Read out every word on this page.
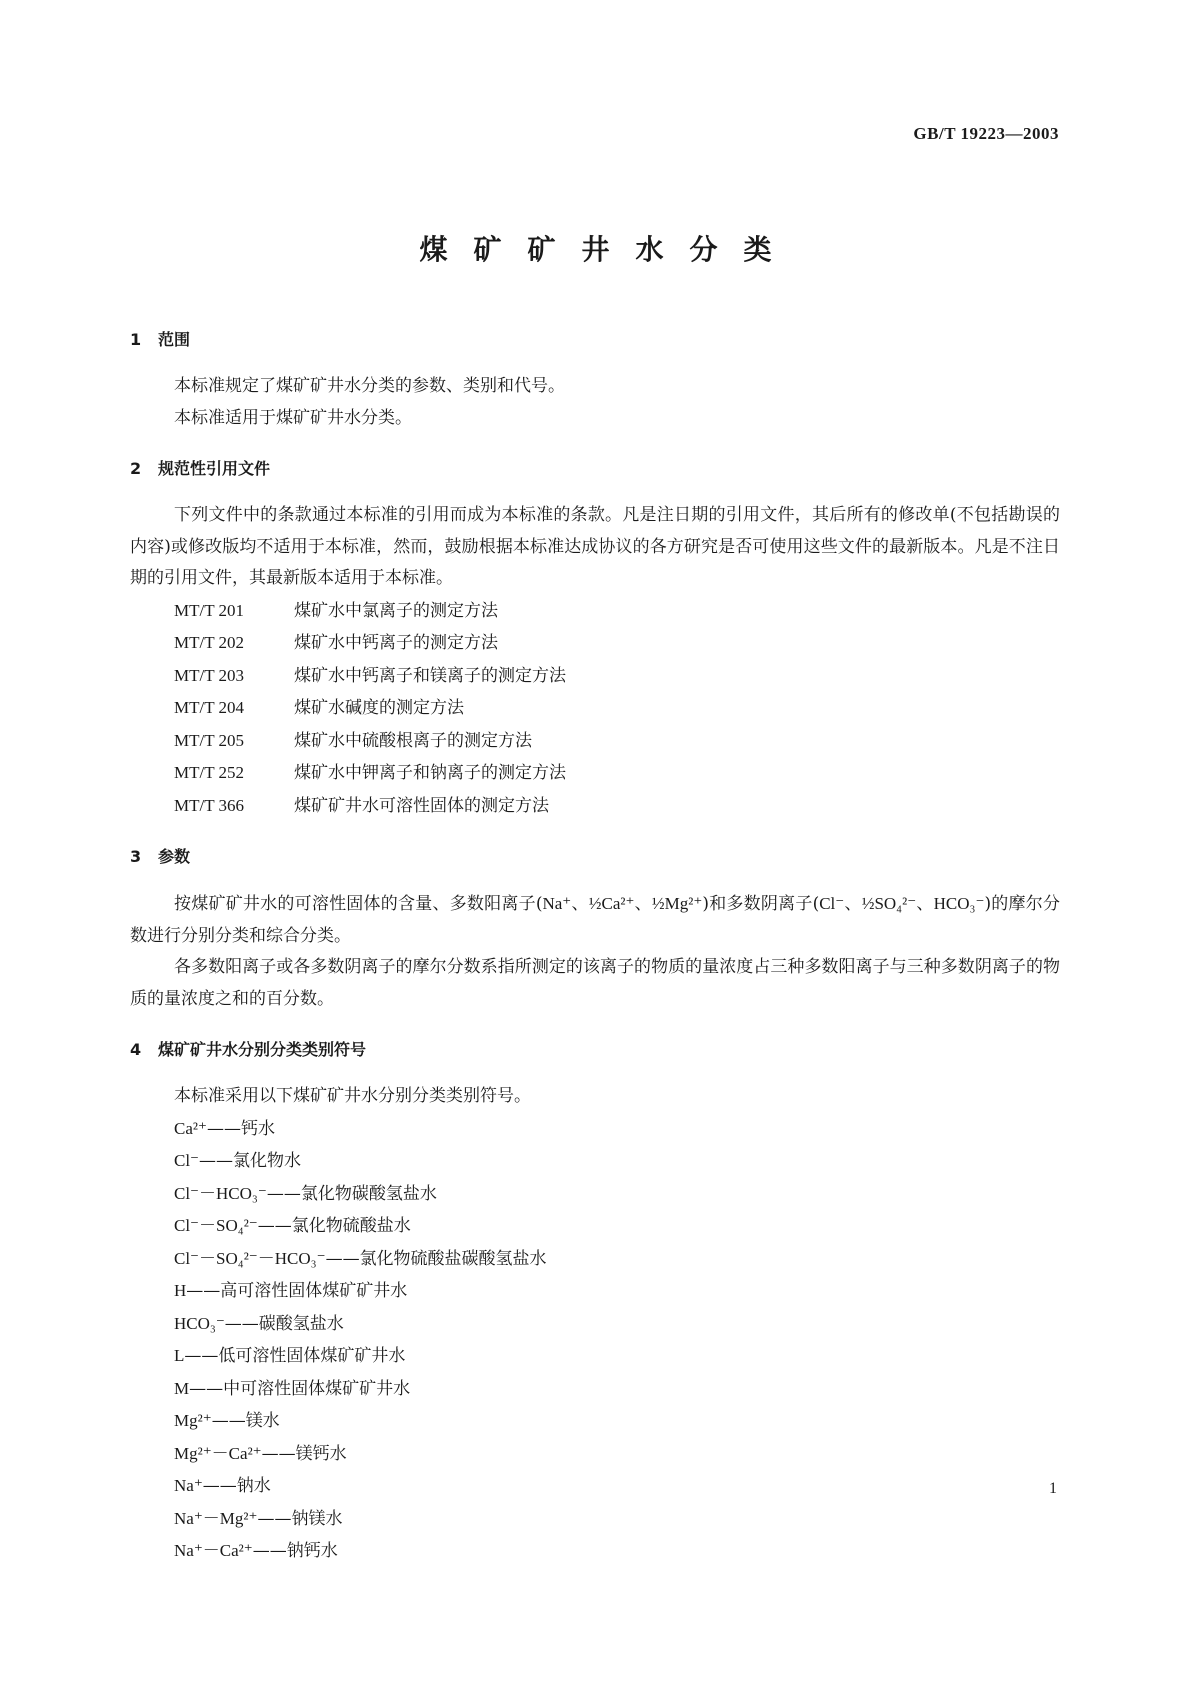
GB/T 19223—2003
煤矿矿井水分类
1 范围

本标准规定了煤矿矿井水分类的参数、类别和代号。

本标准适用于煤矿矿井水分类。

2 规范性引用文件

下列文件中的条款通过本标准的引用而成为本标准的条款。凡是注日期的引用文件，其后所有的修改单(不包括勘误的内容)或修改版均不适用于本标准，然而，鼓励根据本标准达成协议的各方研究是否可使用这些文件的最新版本。凡是不注日期的引用文件，其最新版本适用于本标准。

MT/T 201	煤矿水中氯离子的测定方法

MT/T 202	煤矿水中钙离子的测定方法

MT/T 203	煤矿水中钙离子和镁离子的测定方法

MT/T 204	煤矿水碱度的测定方法

MT/T 205	煤矿水中硫酸根离子的测定方法

MT/T 252	煤矿水中钾离子和钠离子的测定方法

MT/T 366	煤矿矿井水可溶性固体的测定方法

3 参数

按煤矿矿井水的可溶性固体的含量、多数阳离子(Na⁺、½Ca²⁺、½Mg²⁺)和多数阴离子(Cl⁻、½SO₄²⁻、HCO₃⁻)的摩尔分数进行分别分类和综合分类。

各多数阳离子或各多数阴离子的摩尔分数系指所测定的该离子的物质的量浓度占三种多数阳离子与三种多数阴离子的物质的量浓度之和的百分数。

4 煤矿矿井水分别分类类别符号

本标准采用以下煤矿矿井水分别分类类别符号。

Ca²⁺——钙水

Cl⁻——氯化物水

Cl⁻－HCO₃⁻——氯化物碳酸氢盐水

Cl⁻－SO₄²⁻——氯化物硫酸盐水

Cl⁻－SO₄²⁻－HCO₃⁻——氯化物硫酸盐碳酸氢盐水

H——高可溶性固体煤矿矿井水

HCO₃⁻——碳酸氢盐水

L——低可溶性固体煤矿矿井水

M——中可溶性固体煤矿矿井水

Mg²⁺——镁水

Mg²⁺－Ca²⁺——镁钙水

Na⁺——钠水

Na⁺－Mg²⁺——钠镁水

Na⁺－Ca²⁺——钠钙水

1
